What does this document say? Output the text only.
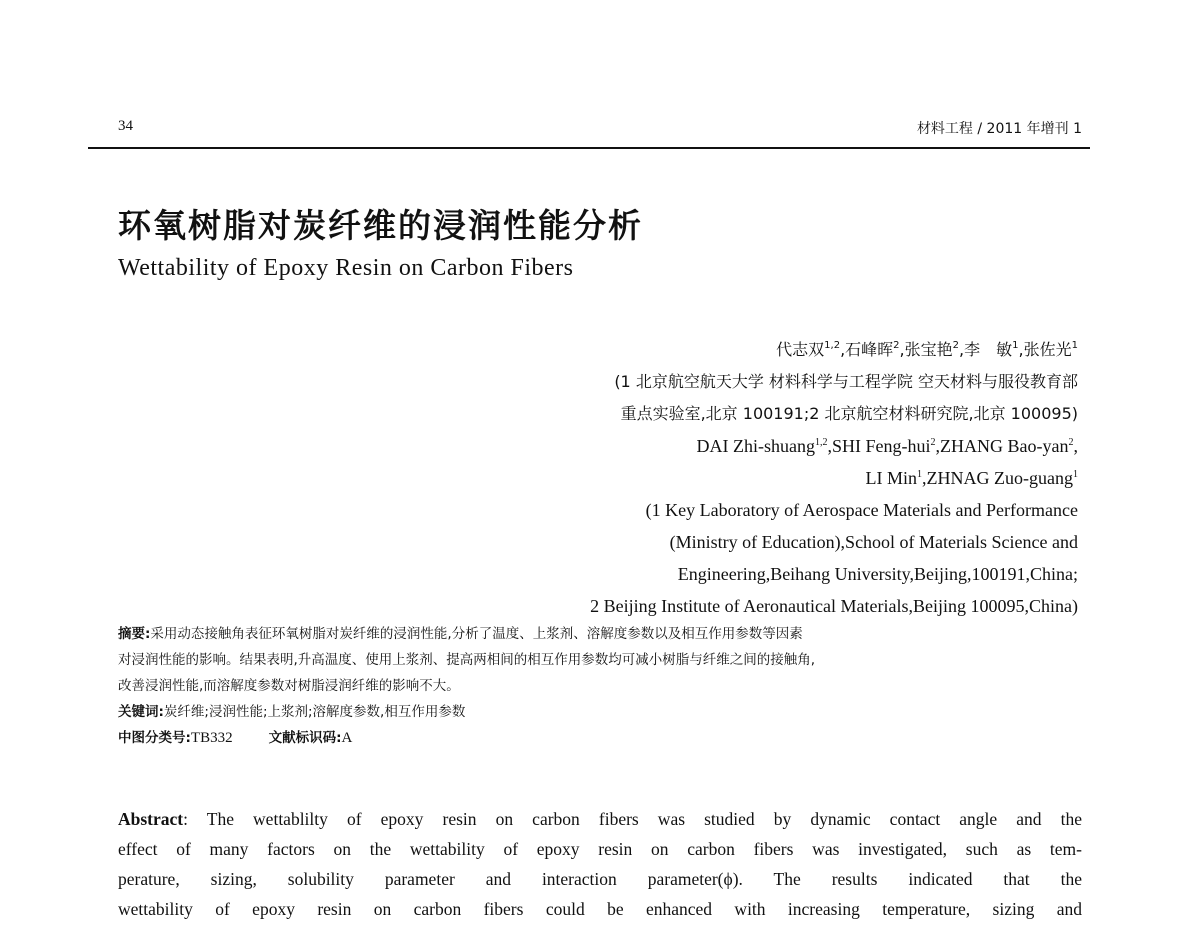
34	材料工程 / 2011 年增刊 1
环氧树脂对炭纤维的浸润性能分析
Wettability of Epoxy Resin on Carbon Fibers
代志双$^{1,2}$,石峰晖$^2$,张宝艳$^2$,李　敏$^1$,张佐光$^1$
(1 北京航空航天大学 材料科学与工程学院 空天材料与服役教育部
重点实验室,北京 100191;2 北京航空材料研究院,北京 100095)
DAI Zhi-shuang$^{1,2}$,SHI Feng-hui$^2$,ZHANG Bao-yan$^2$,
LI Min$^1$,ZHNAG Zuo-guang$^1$
(1 Key Laboratory of Aerospace Materials and Performance
(Ministry of Education),School of Materials Science and
Engineering,Beihang University,Beijing,100191,China;
2 Beijing Institute of Aeronautical Materials,Beijing 100095,China)
摘要:采用动态接触角表征环氧树脂对炭纤维的浸润性能,分析了温度、上浆剂、溶解度参数以及相互作用参数等因素
对浸润性能的影响。结果表明,升高温度、使用上浆剂、提高两相间的相互作用参数均可减小树脂与纤维之间的接触角,
改善浸润性能,而溶解度参数对树脂浸润纤维的影响不大。
关键词:炭纤维;浸润性能;上浆剂;溶解度参数,相互作用参数
中图分类号:TB332	文献标识码:A
Abstract: The wettablilty of epoxy resin on carbon fibers was studied by dynamic contact angle and the
effect of many factors on the wettability of epoxy resin on carbon fibers was investigated, such as tem-
perature, sizing, solubility parameter and interaction parameter(ϕ). The results indicated that the
wettability of epoxy resin on carbon fibers could be enhanced with increasing temperature, sizing and
